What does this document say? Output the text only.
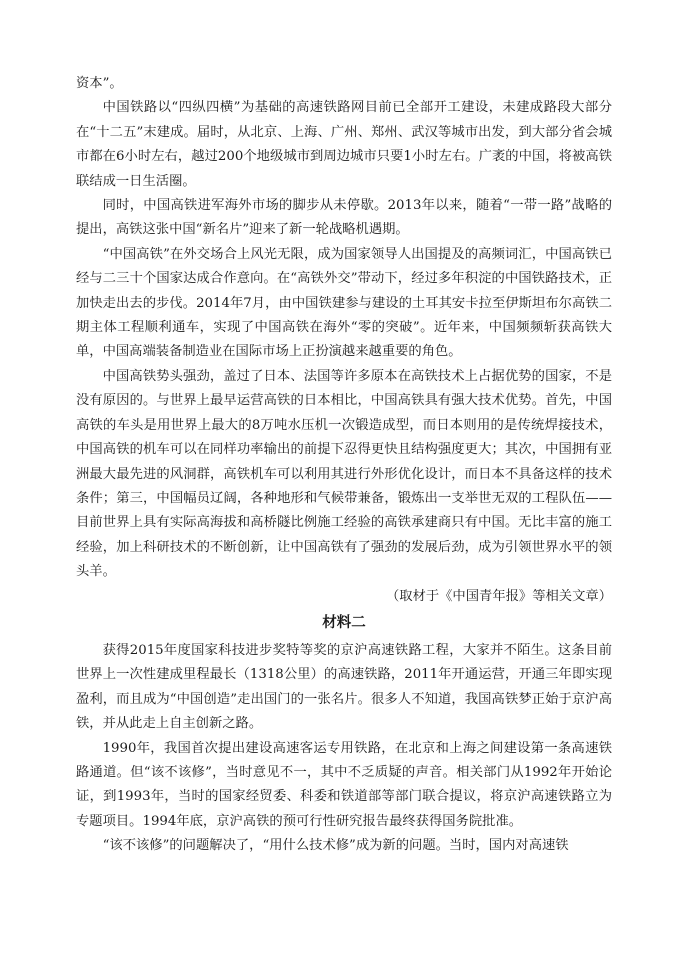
资本”。

中国铁路以“四纵四横”为基础的高速铁路网目前已全部开工建设，未建成路段大部分在“十二五”末建成。届时，从北京、上海、广州、郑州、武汉等城市出发，到大部分省会城市都在6小时左右，越过200个地级城市到周边城市只要1小时左右。广袤的中国，将被高铁联结成一日生活圈。

同时，中国高铁进军海外市场的脚步从未停歇。2013年以来，随着“一带一路”战略的提出，高铁这张中国“新名片”迎来了新一轮战略机遇期。

“中国高铁”在外交场合上风光无限，成为国家领导人出国提及的高频词汇，中国高铁已经与二三十个国家达成合作意向。在“高铁外交”带动下，经过多年积淀的中国铁路技术，正加快走出去的步伐。2014年7月，由中国铁建参与建设的土耳其安卡拉至伊斯坦布尔高铁二期主体工程顺利通车，实现了中国高铁在海外“零的突破”。近年来，中国频频斩获高铁大单，中国高端装备制造业在国际市场上正扮演越来越重要的角色。

中国高铁势头强劲，盖过了日本、法国等许多原本在高铁技术上占据优势的国家，不是没有原因的。与世界上最早运营高铁的日本相比，中国高铁具有强大技术优势。首先，中国高铁的车头是用世界上最大的8万吨水压机一次锻造成型，而日本则用的是传统焊接技术，中国高铁的机车可以在同样功率输出的前提下忍得更快且结构强度更大；其次，中国拥有亚洲最大最先进的风洞群，高铁机车可以利用其进行外形优化设计，而日本不具备这样的技术条件；第三，中国幅员辽阔，各种地形和气候带兼备，锻炼出一支举世无双的工程队伍——目前世界上具有实际高海拔和高桥隧比例施工经验的高铁承建商只有中国。无比丰富的施工经验，加上科研技术的不断创新，让中国高铁有了强劲的发展后劲，成为引领世界水平的领头羊。

（取材于《中国青年报》等相关文章）

材料二

获得2015年度国家科技进步奖特等奖的京沪高速铁路工程，大家并不陌生。这条目前世界上一次性建成里程最长（1318公里）的高速铁路，2011年开通运营，开通三年即实现盈利，而且成为“中国创造”走出国门的一张名片。很多人不知道，我国高铁梦正始于京沪高铁，并从此走上自主创新之路。

1990年，我国首次提出建设高速客运专用铁路，在北京和上海之间建设第一条高速铁路通道。但“该不该修”，当时意见不一，其中不乏质疑的声音。相关部门从1992年开始论证，到1993年，当时的国家经贸委、科委和铁道部等部门联合提议，将京沪高速铁路立为专题项目。1994年底，京沪高铁的预可行性研究报告最终获得国务院批准。

“该不该修”的问题解决了，“用什么技术修”成为新的问题。当时，国内对高速铁
